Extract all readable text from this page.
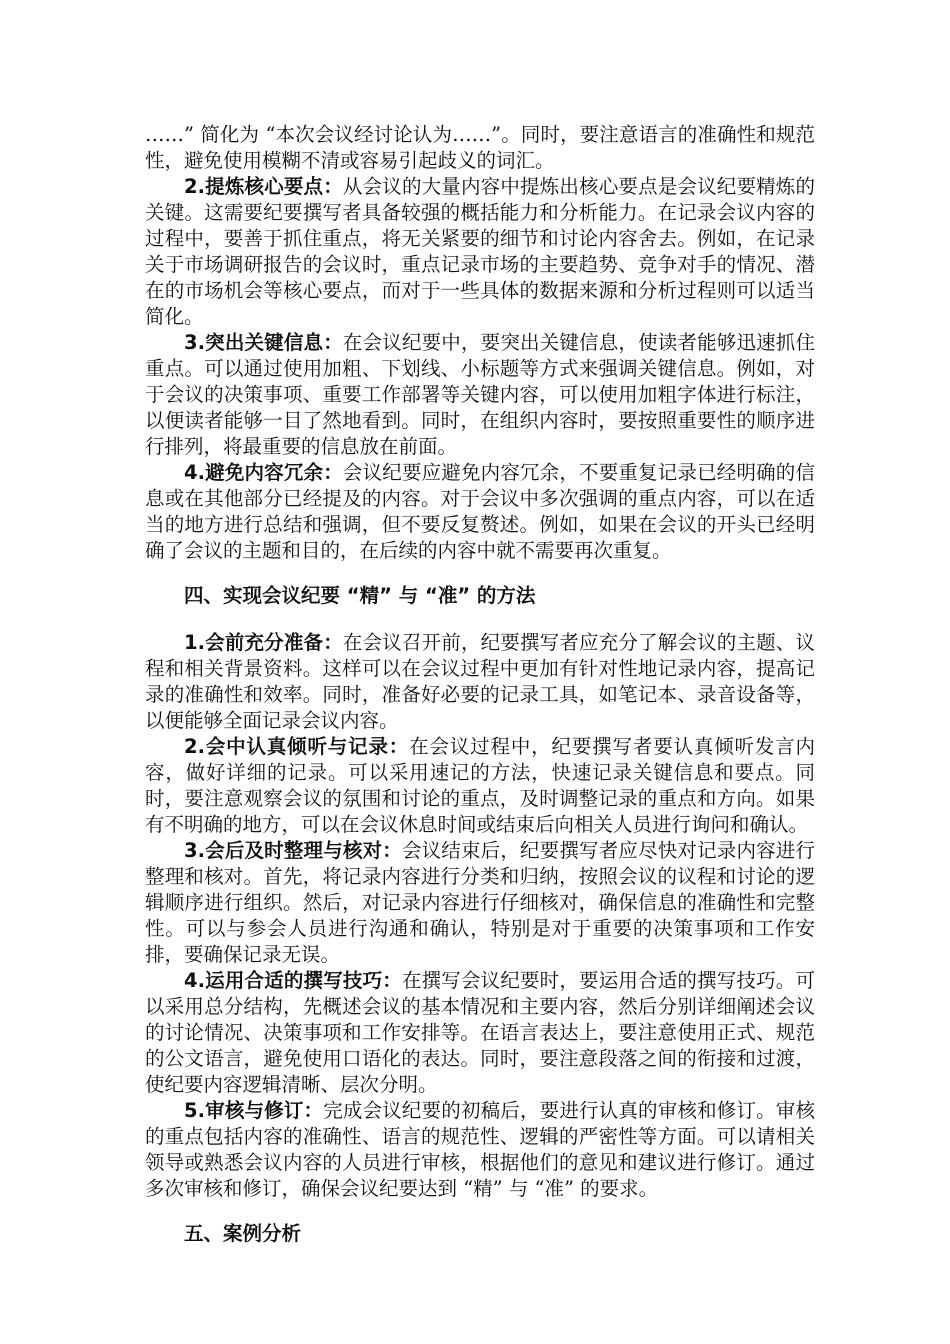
……” 简化为 “本次会议经讨论认为……”。同时，要注意语言的准确性和规范性，避免使用模糊不清或容易引起歧义的词汇。

2.提炼核心要点：从会议的大量内容中提炼出核心要点是会议纪要精炼的关键。这需要纪要撰写者具备较强的概括能力和分析能力。在记录会议内容的过程中，要善于抓住重点，将无关紧要的细节和讨论内容舍去。例如，在记录关于市场调研报告的会议时，重点记录市场的主要趋势、竞争对手的情况、潜在的市场机会等核心要点，而对于一些具体的数据来源和分析过程则可以适当简化。

3.突出关键信息：在会议纪要中，要突出关键信息，使读者能够迅速抓住重点。可以通过使用加粗、下划线、小标题等方式来强调关键信息。例如，对于会议的决策事项、重要工作部署等关键内容，可以使用加粗字体进行标注，以便读者能够一目了然地看到。同时，在组织内容时，要按照重要性的顺序进行排列，将最重要的信息放在前面。

4.避免内容冗余：会议纪要应避免内容冗余，不要重复记录已经明确的信息或在其他部分已经提及的内容。对于会议中多次强调的重点内容，可以在适当的地方进行总结和强调，但不要反复赘述。例如，如果在会议的开头已经明确了会议的主题和目的，在后续的内容中就不需要再次重复。

四、实现会议纪要 “精” 与 “准” 的方法

1.会前充分准备：在会议召开前，纪要撰写者应充分了解会议的主题、议程和相关背景资料。这样可以在会议过程中更加有针对性地记录内容，提高记录的准确性和效率。同时，准备好必要的记录工具，如笔记本、录音设备等，以便能够全面记录会议内容。

2.会中认真倾听与记录：在会议过程中，纪要撰写者要认真倾听发言内容，做好详细的记录。可以采用速记的方法，快速记录关键信息和要点。同时，要注意观察会议的氛围和讨论的重点，及时调整记录的重点和方向。如果有不明确的地方，可以在会议休息时间或结束后向相关人员进行询问和确认。

3.会后及时整理与核对：会议结束后，纪要撰写者应尽快对记录内容进行整理和核对。首先，将记录内容进行分类和归纳，按照会议的议程和讨论的逻辑顺序进行组织。然后，对记录内容进行仔细核对，确保信息的准确性和完整性。可以与参会人员进行沟通和确认，特别是对于重要的决策事项和工作安排，要确保记录无误。

4.运用合适的撰写技巧：在撰写会议纪要时，要运用合适的撰写技巧。可以采用总分结构，先概述会议的基本情况和主要内容，然后分别详细阐述会议的讨论情况、决策事项和工作安排等。在语言表达上，要注意使用正式、规范的公文语言，避免使用口语化的表达。同时，要注意段落之间的衔接和过渡，使纪要内容逻辑清晰、层次分明。

5.审核与修订：完成会议纪要的初稿后，要进行认真的审核和修订。审核的重点包括内容的准确性、语言的规范性、逻辑的严密性等方面。可以请相关领导或熟悉会议内容的人员进行审核，根据他们的意见和建议进行修订。通过多次审核和修订，确保会议纪要达到 “精” 与 “准” 的要求。

五、案例分析
